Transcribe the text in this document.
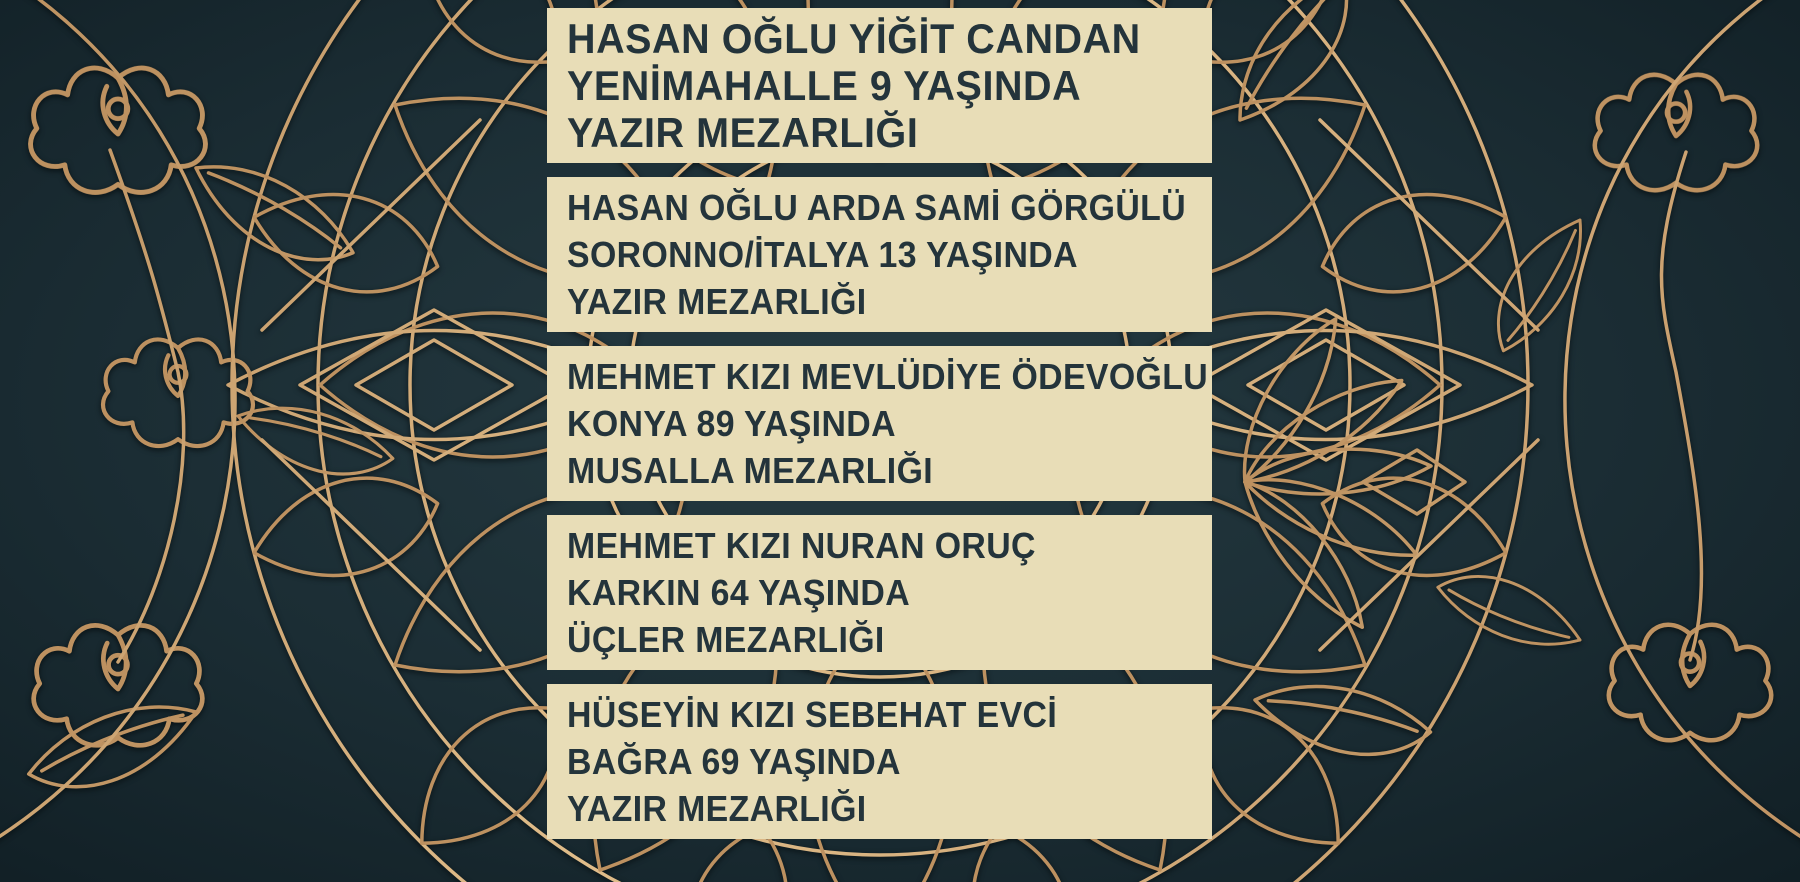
HASAN OĞLU YİĞİT CANDAN

YENİMAHALLE 9 YAŞINDA

YAZIR MEZARLIĞI

HASAN OĞLU ARDA SAMİ GÖRGÜLÜ

SORONNO/İTALYA 13 YAŞINDA

YAZIR MEZARLIĞI

MEHMET KIZI MEVLÜDİYE ÖDEVOĞLU

KONYA 89 YAŞINDA

MUSALLA MEZARLIĞI

MEHMET KIZI NURAN ORUÇ

KARKIN 64 YAŞINDA

ÜÇLER MEZARLIĞI

HÜSEYİN KIZI SEBEHAT EVCİ

BAĞRA 69 YAŞINDA

YAZIR MEZARLIĞI
